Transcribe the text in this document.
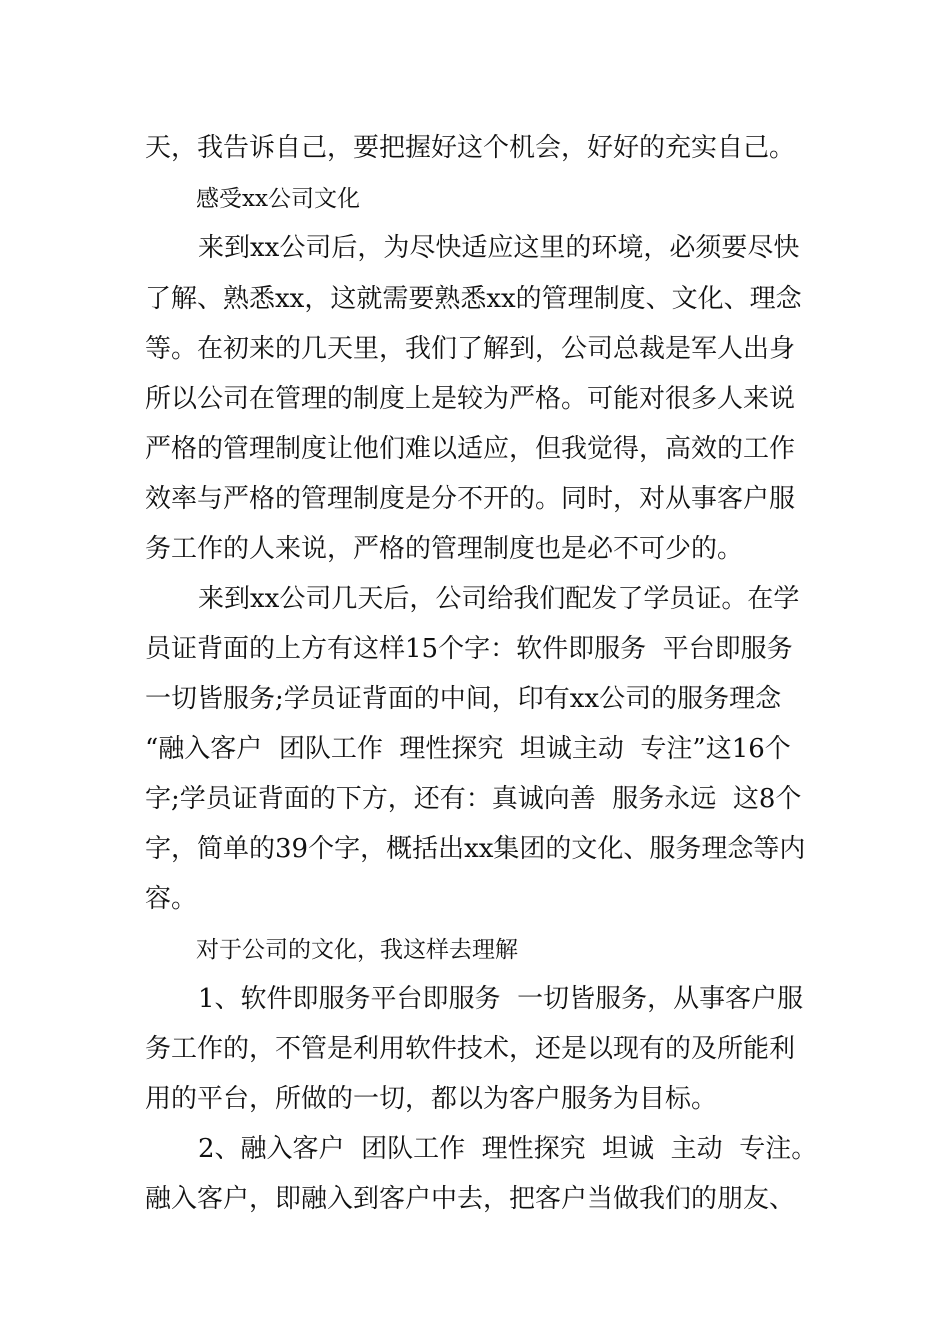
天，我告诉自己，要把握好这个机会，好好的充实自己。
感受xx公司文化
来到xx公司后，为尽快适应这里的环境，必须要尽快
了解、熟悉xx，这就需要熟悉xx的管理制度、文化、理念
等。在初来的几天里，我们了解到，公司总裁是军人出身
所以公司在管理的制度上是较为严格。可能对很多人来说
严格的管理制度让他们难以适应，但我觉得，高效的工作
效率与严格的管理制度是分不开的。同时，对从事客户服
务工作的人来说，严格的管理制度也是必不可少的。
来到xx公司几天后，公司给我们配发了学员证。在学
员证背面的上方有这样15个字：软件即服务  平台即服务
一切皆服务;学员证背面的中间，印有xx公司的服务理念
“融入客户  团队工作  理性探究  坦诚主动  专注”这16个
字;学员证背面的下方，还有：真诚向善  服务永远  这8个
字，简单的39个字，概括出xx集团的文化、服务理念等内
容。
对于公司的文化，我这样去理解
1、软件即服务平台即服务  一切皆服务，从事客户服
务工作的，不管是利用软件技术，还是以现有的及所能利
用的平台，所做的一切，都以为客户服务为目标。
2、融入客户  团队工作  理性探究  坦诚  主动  专注。
融入客户，即融入到客户中去，把客户当做我们的朋友、
